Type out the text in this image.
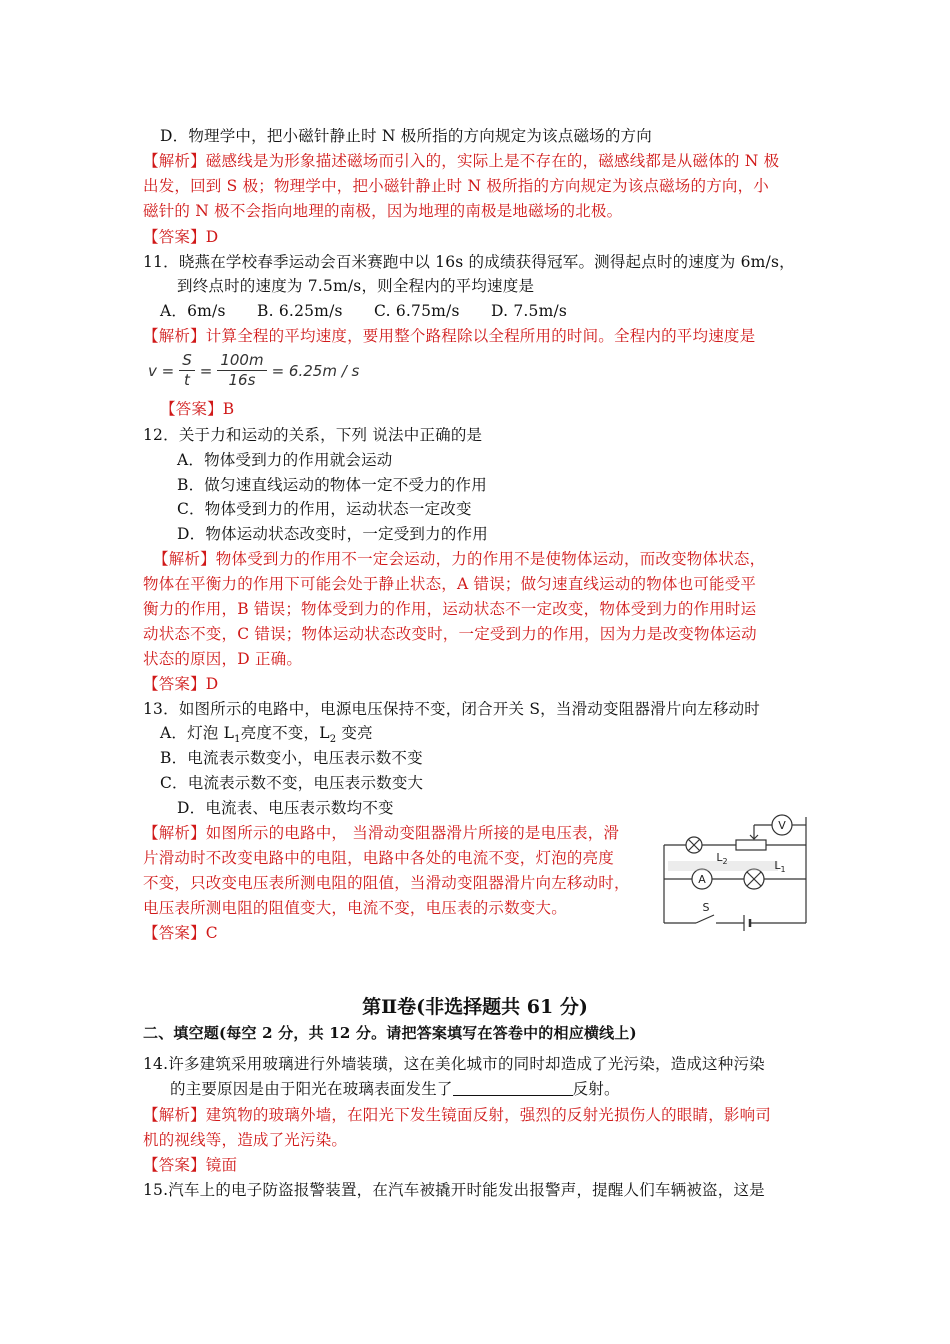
D．物理学中，把小磁针静止时 N 极所指的方向规定为该点磁场的方向
【解析】磁感线是为形象描述磁场而引入的，实际上是不存在的，磁感线都是从磁体的 N 极
出发，回到 S 极；物理学中，把小磁针静止时 N 极所指的方向规定为该点磁场的方向，小
磁针的 N 极不会指向地理的南极，因为地理的南极是地磁场的北极。
【答案】D
11．晓燕在学校春季运动会百米赛跑中以 16s 的成绩获得冠军。测得起点时的速度为 6m/s，
到终点时的速度为 7.5m/s，则全程内的平均速度是
A．6m/s　　B. 6.25m/s　　C. 6.75m/s　　D. 7.5m/s
【解析】计算全程的平均速度，要用整个路程除以全程所用的时间。全程内的平均速度是
$v = \frac{S}{t} = \frac{100m}{16s} = 6.25m / s$
【答案】B
12．关于力和运动的关系，下列 说法中正确的是
A．物体受到力的作用就会运动
B．做匀速直线运动的物体一定不受力的作用
C．物体受到力的作用，运动状态一定改变
D．物体运动状态改变时，一定受到力的作用
【解析】物体受到力的作用不一定会运动，力的作用不是使物体运动，而改变物体状态，
物体在平衡力的作用下可能会处于静止状态，A 错误；做匀速直线运动的物体也可能受平
衡力的作用，B 错误；物体受到力的作用，运动状态不一定改变，物体受到力的作用时运
动状态不变，C 错误；物体运动状态改变时，一定受到力的作用，因为力是改变物体运动
状态的原因，D 正确。
【答案】D
13．如图所示的电路中，电源电压保持不变，闭合开关 S，当滑动变阻器滑片向左移动时
A．灯泡 $L_1$亮度不变，$L_2$ 变亮
B．电流表示数变小，电压表示数不变
C．电流表示数不变，电压表示数变大
D．电流表、电压表示数均不变
【解析】如图所示的电路中， 当滑动变阻器滑片所接的是电压表，滑
片滑动时不改变电路中的电阻，电路中各处的电流不变，灯泡的亮度
不变，只改变电压表所测电阻的阻值，当滑动变阻器滑片向左移动时，
电压表所测电阻的阻值变大，电流不变，电压表的示数变大。
【答案】C
V
A
$L_2$	$L_1$
S
第Ⅱ卷(非选择题共 61 分)
二、填空题(每空 2 分，共 12 分。请把答案填写在答卷中的相应横线上)
14.许多建筑采用玻璃进行外墙装璜，这在美化城市的同时却造成了光污染，造成这种污染
的主要原因是由于阳光在玻璃表面发生了	反射。
【解析】建筑物的玻璃外墙，在阳光下发生镜面反射，强烈的反射光损伤人的眼睛，影响司
机的视线等，造成了光污染。
【答案】镜面
15.汽车上的电子防盗报警装置，在汽车被撬开时能发出报警声，提醒人们车辆被盗，这是
